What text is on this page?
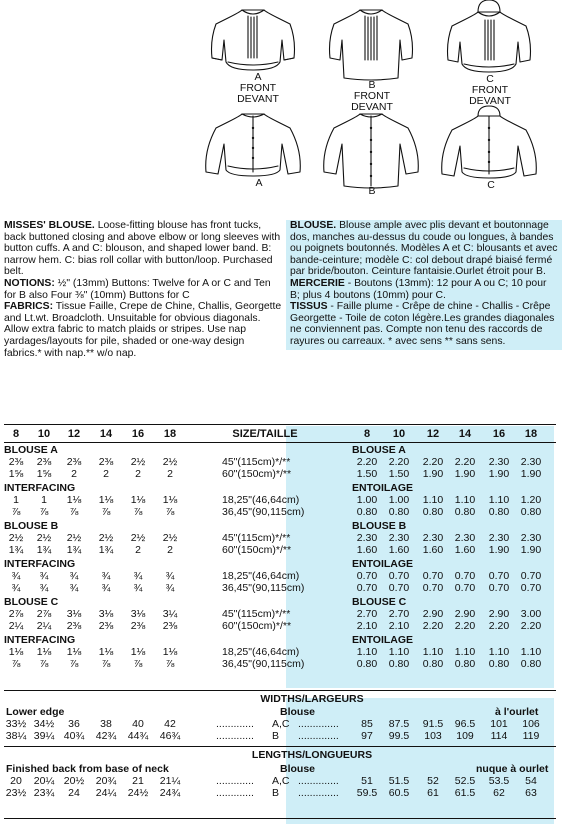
A
FRONT
DEVANT
B
FRONT
DEVANT
C
FRONT
DEVANT
A
B	C

MISSES' BLOUSE. Loose-fitting blouse has front tucks, back buttoned closing and above elbow or long sleeves with button cuffs. A and C: blouson, and shaped lower band. B: narrow hem. C: bias roll collar with button/loop. Purchased belt.

NOTIONS: ½" (13mm) Buttons: Twelve for A or C and Ten for B also Four ⅜" (10mm) Buttons for C

FABRICS: Tissue Faille, Crepe de Chine, Challis, Georgette and Lt.wt. Broadcloth. Unsuitable for obvious diagonals. Allow extra fabric to match plaids or stripes. Use nap yardages/layouts for pile, shaded or one-way design fabrics.* with nap.** w/o nap.

BLOUSE. Blouse ample avec plis devant et boutonnage dos, manches au-dessus du coude ou longues, à bandes ou poignets boutonnés. Modèles A et C: blousants et avec bande-ceinture; modèle C: col debout drapé biaisé fermé par bride/bouton. Ceinture fantaisie.Ourlet étroit pour B.

MERCERIE - Boutons (13mm): 12 pour A ou C; 10 pour B; plus 4 boutons (10mm) pour C.

TISSUS - Faille plume - Crêpe de chine - Challis - Crêpe Georgette - Toile de coton légère.Les grandes diagonales ne conviennent pas. Compte non tenu des raccords de rayures ou carreaux. * avec sens ** sans sens.

8	10	12	14	16	18	SIZE/TAILLE	8	10	12	14	16	18
BLOUSE A	BLOUSE A
2⅜	2⅜	2⅜	2⅜	2½	2½	45"(115cm)*/**	2.20	2.20	2.20	2.20	2.30	2.30
1⅝	1⅝	2	2	2	2	60"(150cm)*/**	1.50	1.50	1.90	1.90	1.90	1.90
INTERFACING	ENTOILAGE
1	1	1⅛	1⅛	1⅛	1⅛	18,25"(46,64cm)	1.00	1.00	1.10	1.10	1.10	1.20
⅞	⅞	⅞	⅞	⅞	⅞	36,45"(90,115cm)	0.80	0.80	0.80	0.80	0.80	0.80
BLOUSE B	BLOUSE B
2½	2½	2½	2½	2½	2½	45"(115cm)*/**	2.30	2.30	2.30	2.30	2.30	2.30
1¾	1¾	1¾	1¾	2	2	60"(150cm)*/**	1.60	1.60	1.60	1.60	1.90	1.90
INTERFACING	ENTOILAGE
¾	¾	¾	¾	¾	¾	18,25"(46,64cm)	0.70	0.70	0.70	0.70	0.70	0.70
¾	¾	¾	¾	¾	¾	36,45"(90,115cm)	0.70	0.70	0.70	0.70	0.70	0.70
BLOUSE C	BLOUSE C
2⅞	2⅞	3⅛	3⅛	3⅛	3¼	45"(115cm)*/**	2.70	2.70	2.90	2.90	2.90	3.00
2¼	2¼	2⅜	2⅜	2⅜	2⅜	60"(150cm)*/**	2.10	2.10	2.20	2.20	2.20	2.20
INTERFACING	ENTOILAGE
1⅛	1⅛	1⅛	1⅛	1⅛	1⅛	18,25"(46,64cm)	1.10	1.10	1.10	1.10	1.10	1.10
⅞	⅞	⅞	⅞	⅞	⅞	36,45"(90,115cm)	0.80	0.80	0.80	0.80	0.80	0.80
WIDTHS/LARGEURS
Lower edge	Blouse	à l'ourlet
33½ 34½	36	38	40	42	............. A,C ..............	85	87.5	91.5	96.5	101	106
38¼ 39¼ 40¾	42¾	44¾	46¾	............. B ..............	97	99.5	103	109	114	119
LENGTHS/LONGUEURS
Finished back from base of neck	Blouse	nuque à ourlet
20	20¼ 20½	20¾	21	21¼	............. A,C ..............	51	51.5	52	52.5	53.5	54
23½ 23¾	24	24¼	24½	24¾	............. B ..............	59.5	60.5	61	61.5	62	63
